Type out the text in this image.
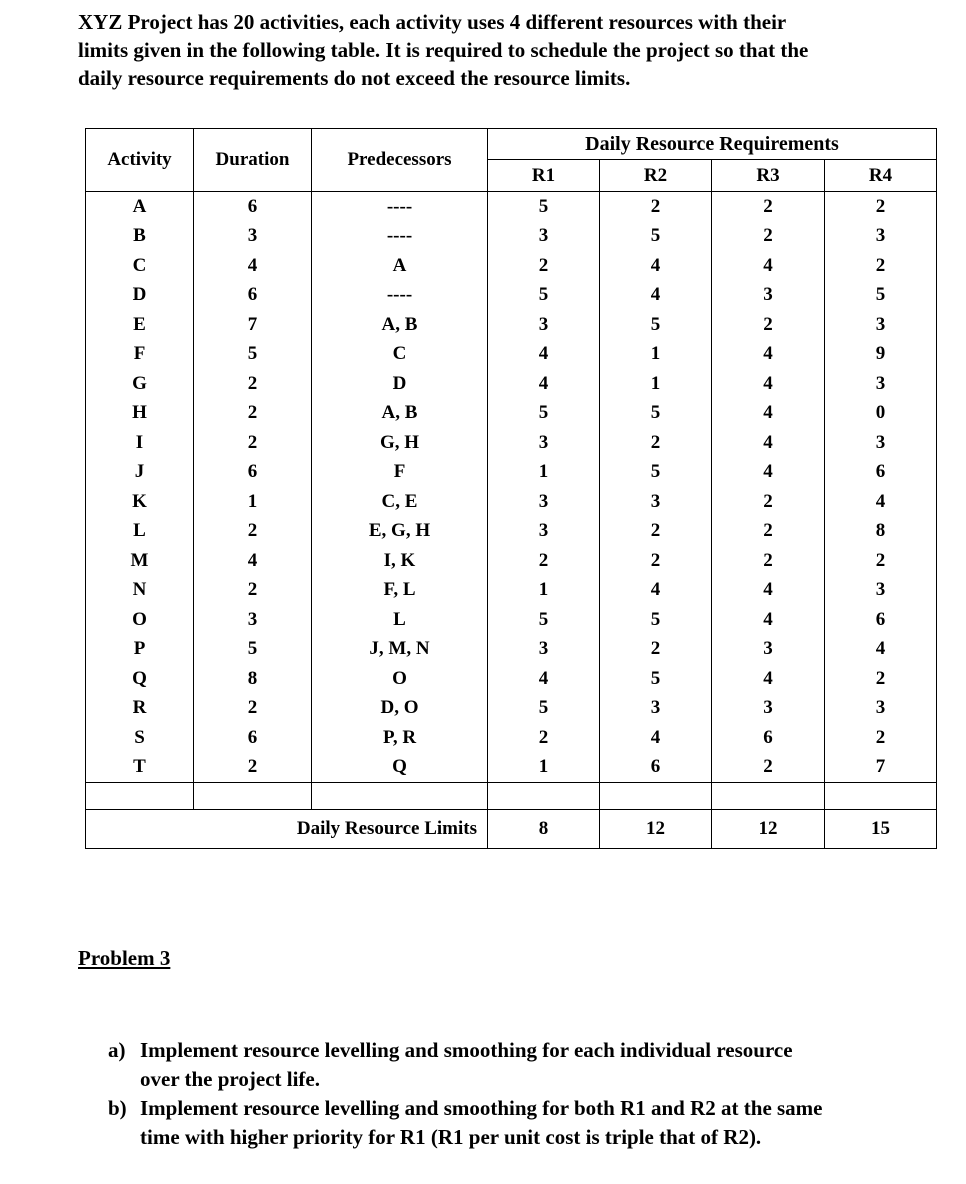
XYZ Project has 20 activities, each activity uses 4 different resources with their
limits given in the following table. It is required to schedule the project so that the
daily resource requirements do not exceed the resource limits.
Activity	Duration	Predecessors	Daily Resource Requirements			
			R1	R2	R3	R4
A	6	----	5	2	2	2
B	3	----	3	5	2	3
C	4	A	2	4	4	2
D	6	----	5	4	3	5
E	7	A, B	3	5	2	3
F	5	C	4	1	4	9
G	2	D	4	1	4	3
H	2	A, B	5	5	4	0
I	2	G, H	3	2	4	3
J	6	F	1	5	4	6
K	1	C, E	3	3	2	4
L	2	E, G, H	3	2	2	8
M	4	I, K	2	2	2	2
N	2	F, L	1	4	4	3
O	3	L	5	5	4	6
P	5	J, M, N	3	2	3	4
Q	8	O	4	5	4	2
R	2	D, O	5	3	3	3
S	6	P, R	2	4	6	2
T	2	Q	1	6	2	7

Daily Resource Limits			8	12	12	15
Problem 3
a) Implement resource levelling and smoothing for each individual resource
over the project life.
b) Implement resource levelling and smoothing for both R1 and R2 at the same
time with higher priority for R1 (R1 per unit cost is triple that of R2).
